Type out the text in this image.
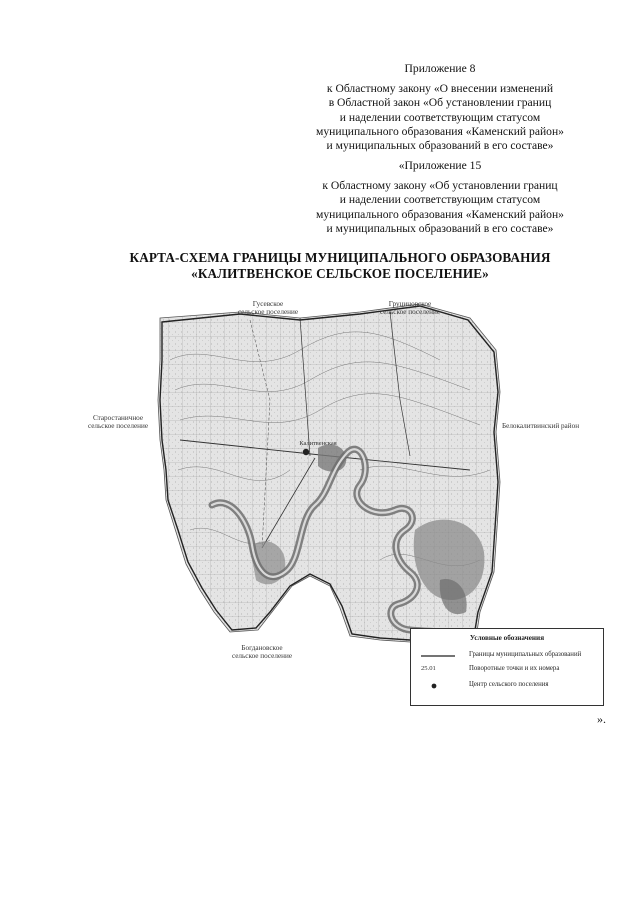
Приложение 8
к Областному закону «О внесении изменений
в Областной закон «Об установлении границ
и наделении соответствующим статусом
муниципального образования «Каменский район»
и муниципальных образований в его составе»
«Приложение 15
к Областному закону «Об установлении границ
и наделении соответствующим статусом
муниципального образования «Каменский район»
и муниципальных образований в его составе»
КАРТА-СХЕМА ГРАНИЦЫ МУНИЦИПАЛЬНОГО ОБРАЗОВАНИЯ
«КАЛИТВЕНСКОЕ СЕЛЬСКОЕ ПОСЕЛЕНИЕ»
Гусевское
сельское поселение
Груциновское
сельское поселение
Старостаничное
сельское поселение	Белокалитвинский район
Богдановское
сельское поселение
Калитвенская
Условные обозначения
Границы муниципальных образований
25.01	Поворотные точки и их номера
Центр сельского поселения
».
